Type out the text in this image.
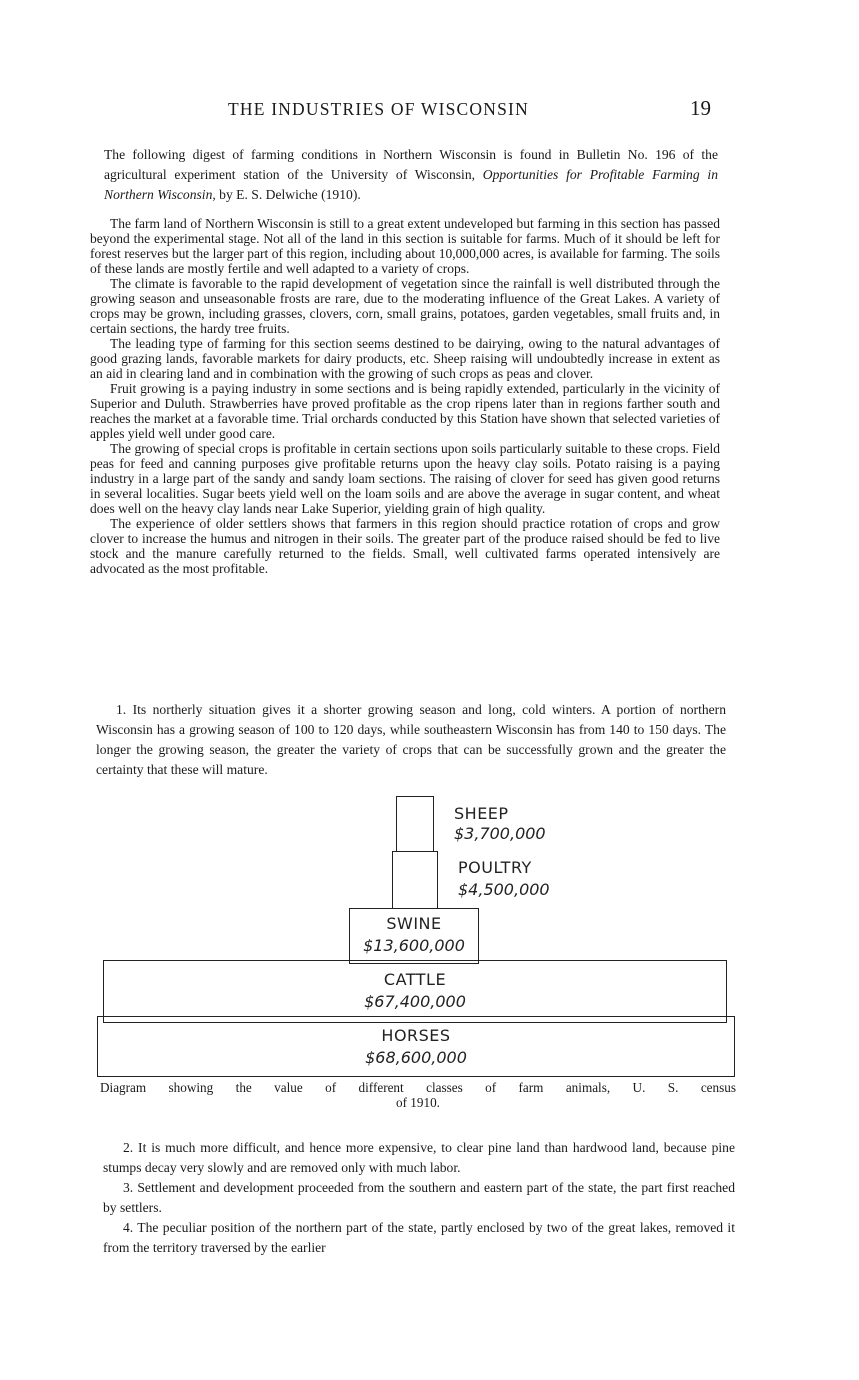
THE INDUSTRIES OF WISCONSIN	19
The following digest of farming conditions in Northern Wisconsin is found in Bulletin No. 196 of the agricultural experiment station of the University of Wisconsin, Opportunities for Profitable Farming in Northern Wisconsin, by E. S. Delwiche (1910).

The farm land of Northern Wisconsin is still to a great extent undeveloped but farming in this section has passed beyond the experimental stage. Not all of the land in this section is suitable for farms. Much of it should be left for forest reserves but the larger part of this region, including about 10,000,000 acres, is available for farming. The soils of these lands are mostly fertile and well adapted to a variety of crops.

The climate is favorable to the rapid development of vegetation since the rainfall is well distributed through the growing season and unseasonable frosts are rare, due to the moderating influence of the Great Lakes. A variety of crops may be grown, including grasses, clovers, corn, small grains, potatoes, garden vegetables, small fruits and, in certain sections, the hardy tree fruits.

The leading type of farming for this section seems destined to be dairying, owing to the natural advantages of good grazing lands, favorable markets for dairy products, etc. Sheep raising will undoubtedly increase in extent as an aid in clearing land and in combination with the growing of such crops as peas and clover.

Fruit growing is a paying industry in some sections and is being rapidly extended, particularly in the vicinity of Superior and Duluth. Strawberries have proved profitable as the crop ripens later than in regions farther south and reaches the market at a favorable time. Trial orchards conducted by this Station have shown that selected varieties of apples yield well under good care.

The growing of special crops is profitable in certain sections upon soils particularly suitable to these crops. Field peas for feed and canning purposes give profitable returns upon the heavy clay soils. Potato raising is a paying industry in a large part of the sandy and sandy loam sections. The raising of clover for seed has given good returns in several localities. Sugar beets yield well on the loam soils and are above the average in sugar content, and wheat does well on the heavy clay lands near Lake Superior, yielding grain of high quality.

The experience of older settlers shows that farmers in this region should practice rotation of crops and grow clover to increase the humus and nitrogen in their soils. The greater part of the produce raised should be fed to live stock and the manure carefully returned to the fields. Small, well cultivated farms operated intensively are advocated as the most profitable.

1. Its northerly situation gives it a shorter growing season and long, cold winters. A portion of northern Wisconsin has a growing season of 100 to 120 days, while southeastern Wisconsin has from 140 to 150 days. The longer the growing season, the greater the variety of crops that can be successfully grown and the greater the certainty that these will mature.
SHEEP
$3,700,000
POULTRY
$4,500,000
SWINE
$13,600,000
CATTLE
$67,400,000
HORSES
$68,600,000
Diagram showing the value of different classes of farm animals, U. S. census
of 1910.

2. It is much more difficult, and hence more expensive, to clear pine land than hardwood land, because pine stumps decay very slowly and are removed only with much labor.

3. Settlement and development proceeded from the southern and eastern part of the state, the part first reached by settlers.

4. The peculiar position of the northern part of the state, partly enclosed by two of the great lakes, removed it from the territory traversed by the earlier
